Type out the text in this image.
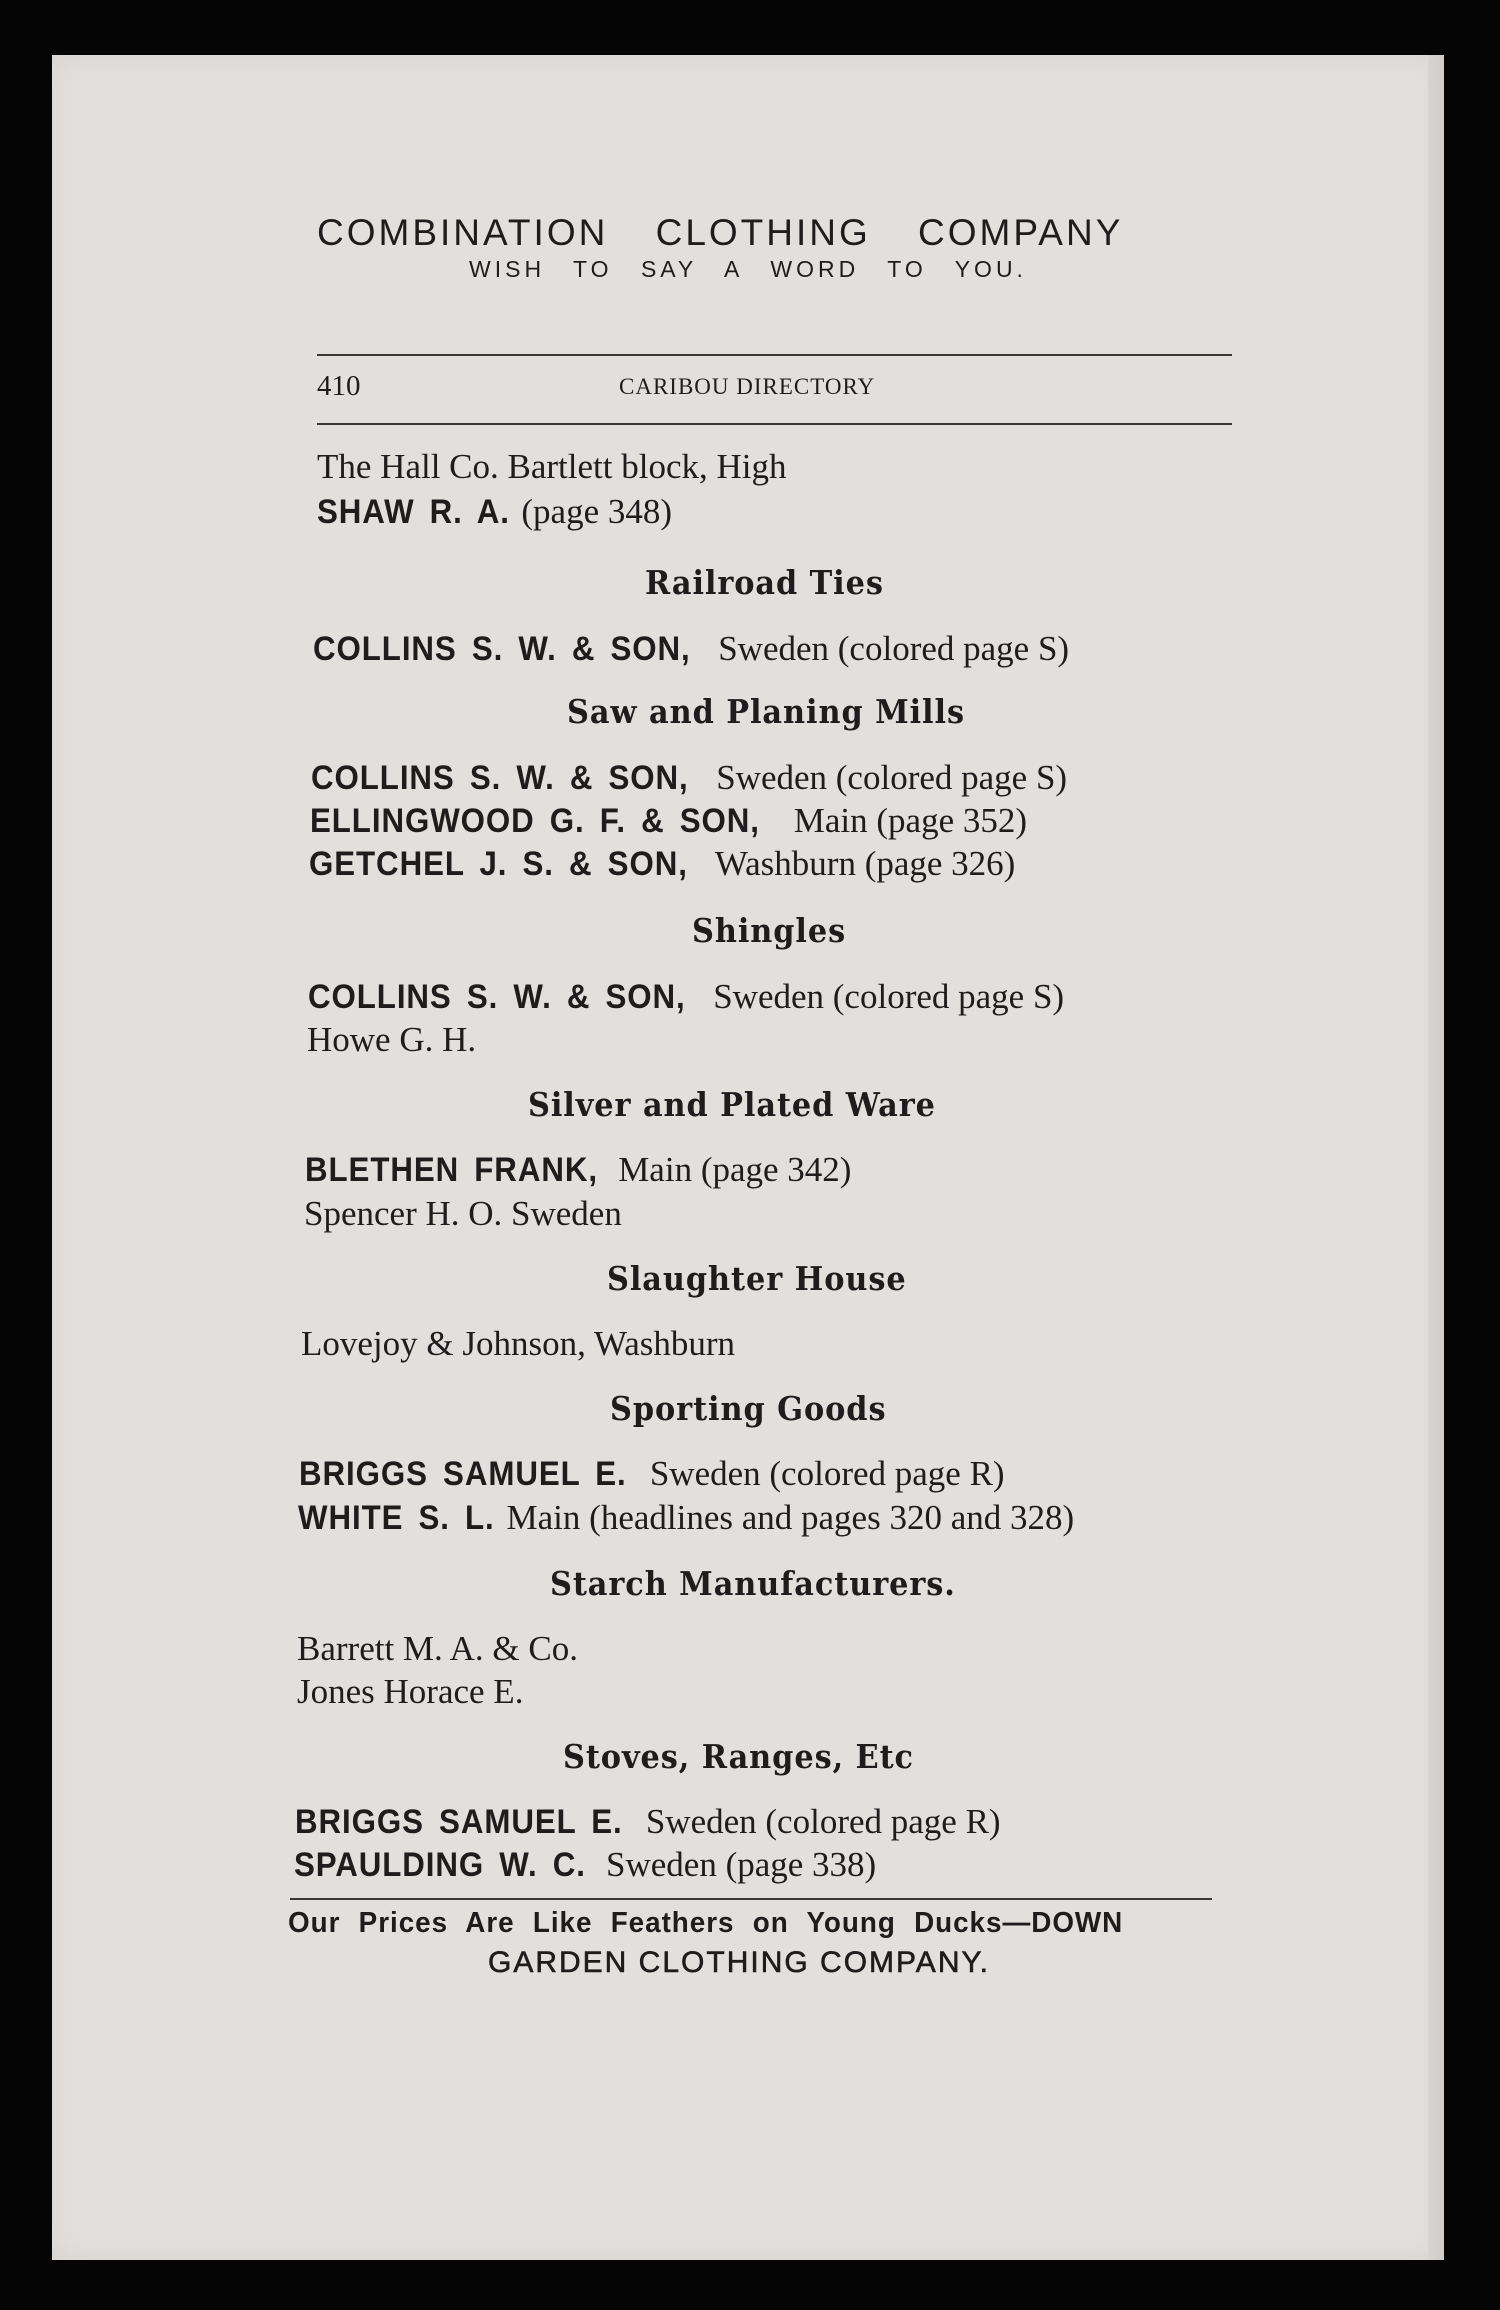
COMBINATION CLOTHING COMPANY
WISH TO SAY A WORD TO YOU.
410	CARIBOU DIRECTORY
The Hall Co. Bartlett block, High
SHAW R. A. (page 348)
Railroad Ties
COLLINS S. W. & SON, Sweden (colored page S)
Saw and Planing Mills
COLLINS S. W. & SON, Sweden (colored page S)
ELLINGWOOD G. F. & SON, Main (page 352)
GETCHEL J. S. & SON, Washburn (page 326)
Shingles
COLLINS S. W. & SON, Sweden (colored page S)
Howe G. H.
Silver and Plated Ware
BLETHEN FRANK, Main (page 342)
Spencer H. O. Sweden
Slaughter House
Lovejoy & Johnson, Washburn
Sporting Goods
BRIGGS SAMUEL E. Sweden (colored page R)
WHITE S. L. Main (headlines and pages 320 and 328)
Starch Manufacturers.
Barrett M. A. & Co.
Jones Horace E.
Stoves, Ranges, Etc
BRIGGS SAMUEL E. Sweden (colored page R)
SPAULDING W. C. Sweden (page 338)
Our Prices Are Like Feathers on Young Ducks—DOWN
GARDEN CLOTHING COMPANY.
